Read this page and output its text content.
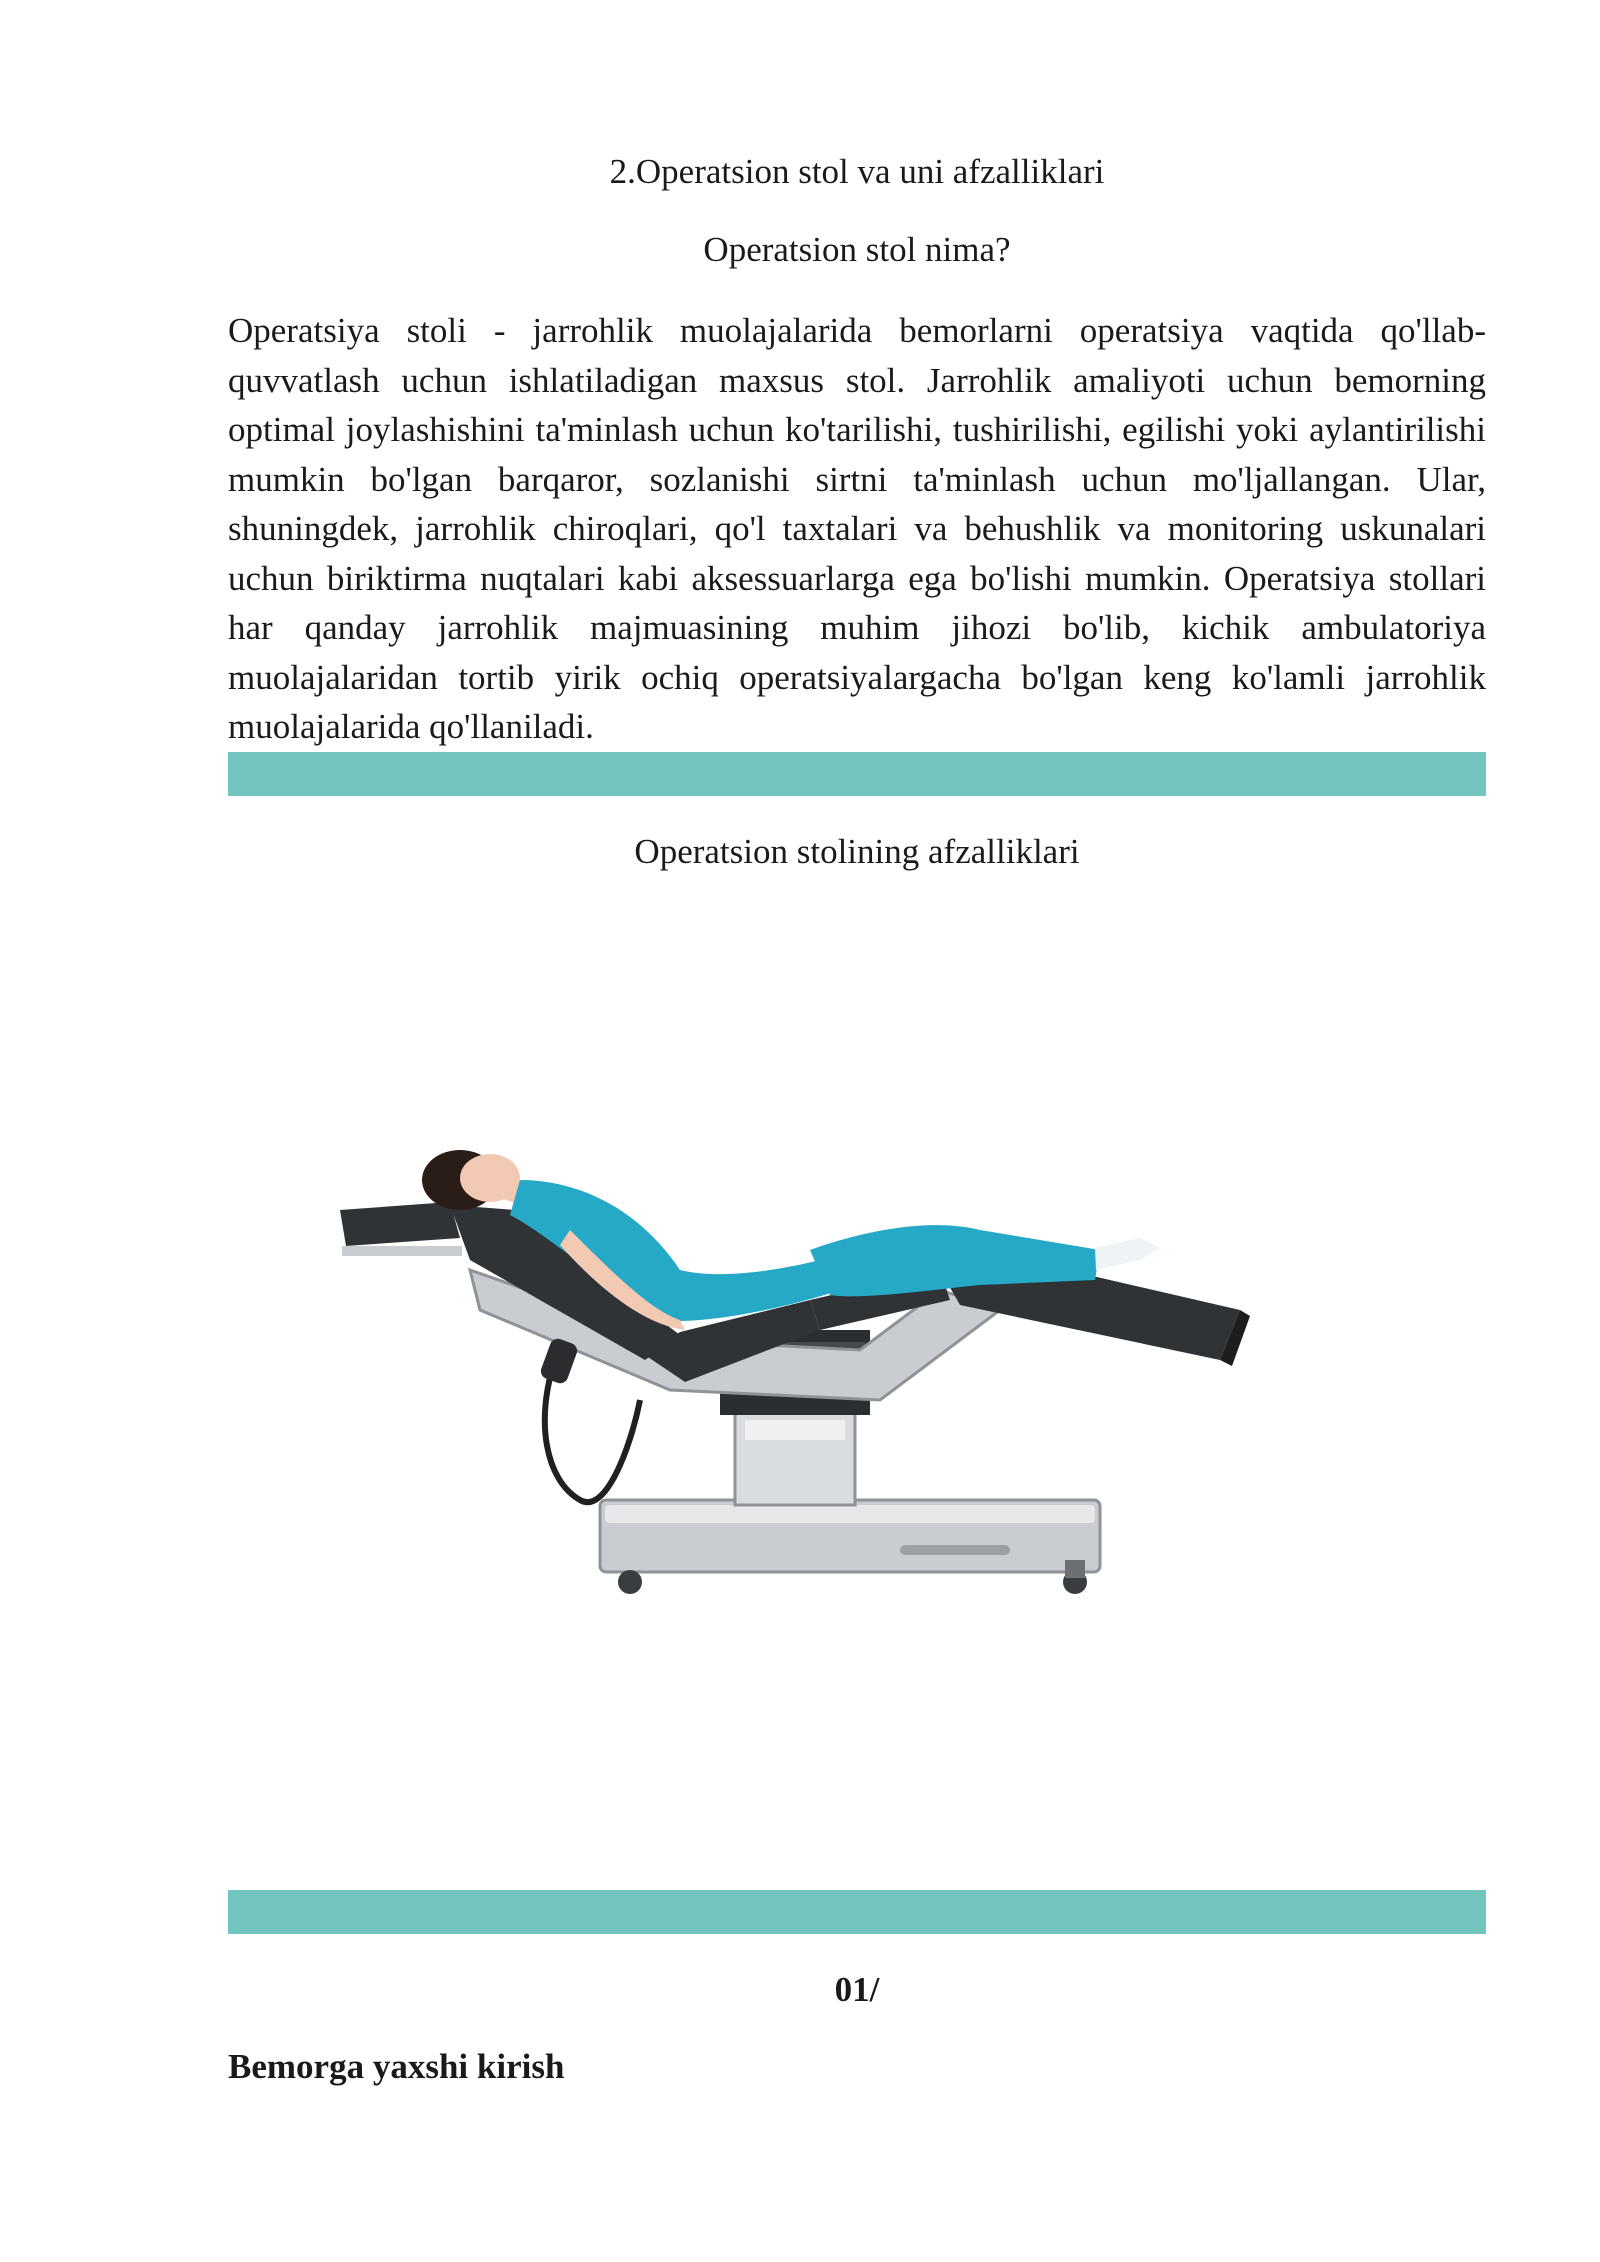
2.Operatsion stol va uni afzalliklari
Operatsion stol nima?

Operatsiya stoli - jarrohlik muolajalarida bemorlarni operatsiya vaqtida qo'llab-quvvatlash uchun ishlatiladigan maxsus stol. Jarrohlik amaliyoti uchun bemorning optimal joylashishini ta'minlash uchun ko'tarilishi, tushirilishi, egilishi yoki aylantirilishi mumkin bo'lgan barqaror, sozlanishi sirtni ta'minlash uchun mo'ljallangan. Ular, shuningdek, jarrohlik chiroqlari, qo'l taxtalari va behushlik va monitoring uskunalari uchun biriktirma nuqtalari kabi aksessuarlarga ega bo'lishi mumkin. Operatsiya stollari har qanday jarrohlik majmuasining muhim jihozi bo'lib, kichik ambulatoriya muolajalaridan tortib yirik ochiq operatsiyalargacha bo'lgan keng ko'lamli jarrohlik muolajalarida qo'llaniladi.

Operatsion stolining afzalliklari

01/

Bemorga yaxshi kirish
